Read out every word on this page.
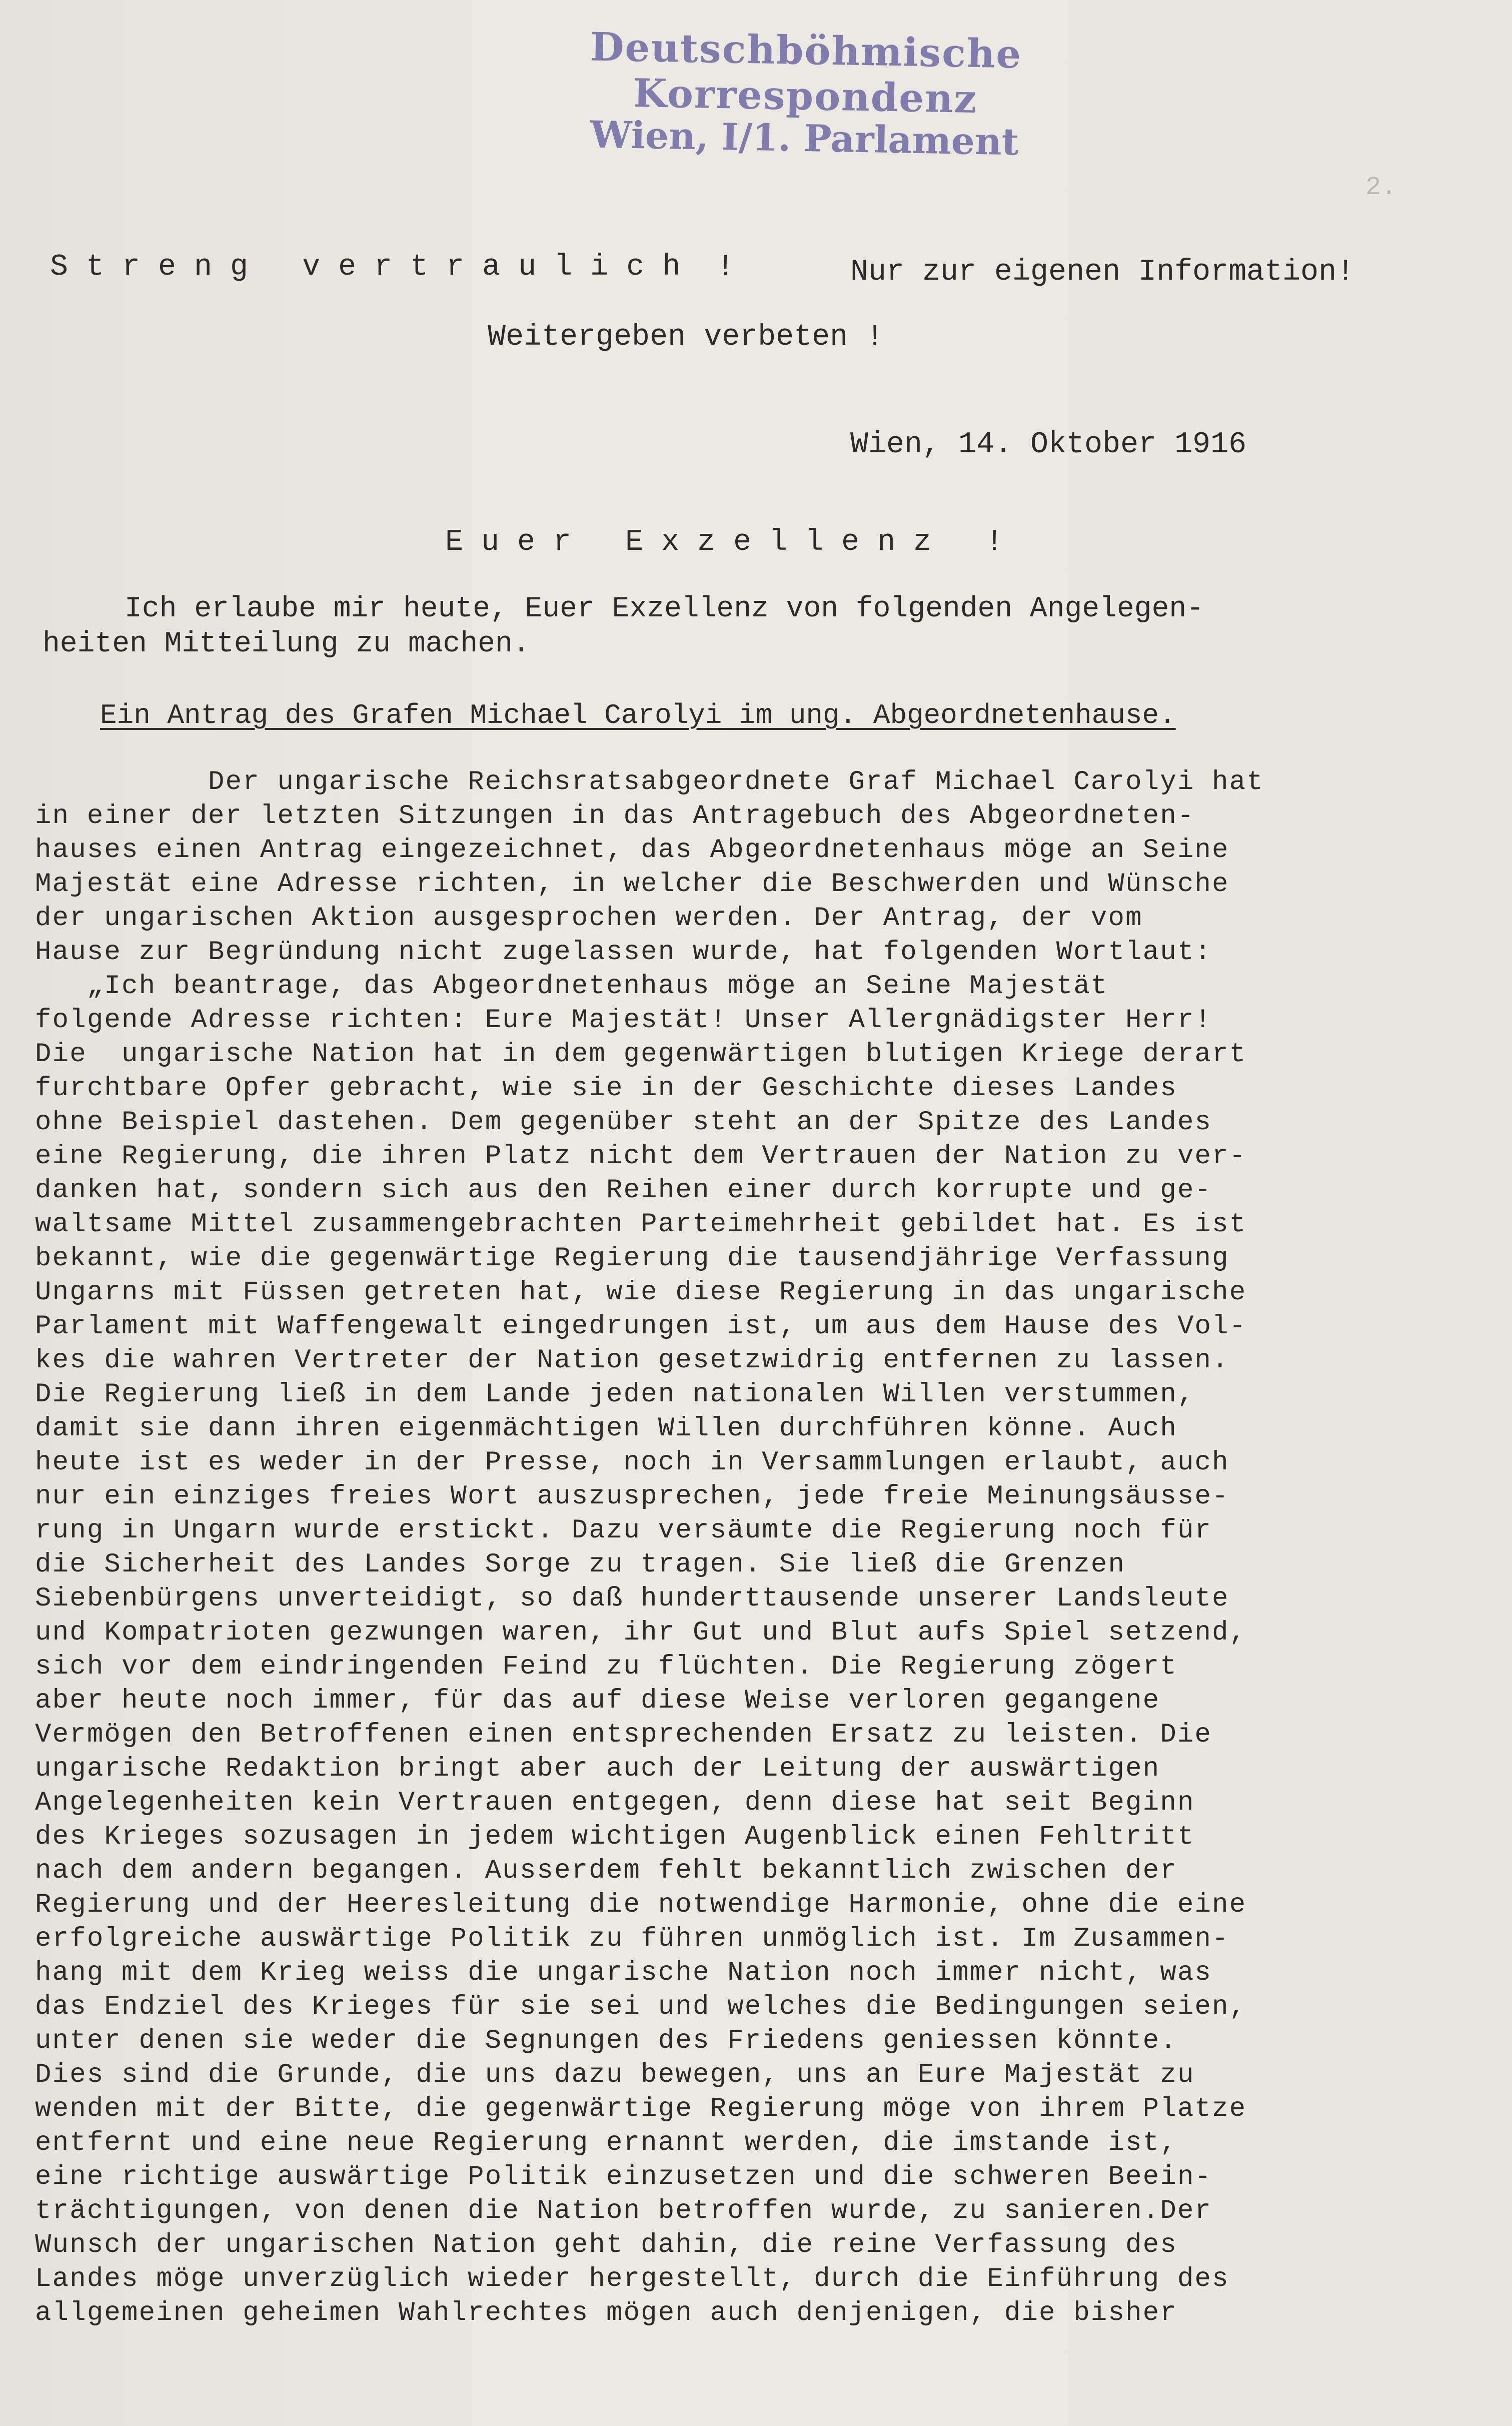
Deutschböhmische Korrespondenz
Wien, I/1. Parlament
2.
S t r e n g   v e r t r a u l i c h  !	Nur zur eigenen Information!
Weitergeben verbeten !
Wien, 14. Oktober 1916
E u e r   E x z e l l e n z   !
Ich erlaube mir heute, Euer Exzellenz von folgenden Angelegen-
heiten Mitteilung zu machen.
Ein Antrag des Grafen Michael Carolyi im ung. Abgeordnetenhause.
Der ungarische Reichsratsabgeordnete Graf Michael Carolyi hat
in einer der letzten Sitzungen in das Antragebuch des Abgeordneten-
hauses einen Antrag eingezeichnet, das Abgeordnetenhaus möge an Seine
Majestät eine Adresse richten, in welcher die Beschwerden und Wünsche
der ungarischen Aktion ausgesprochen werden. Der Antrag, der vom
Hause zur Begründung nicht zugelassen wurde, hat folgenden Wortlaut:
„Ich beantrage, das Abgeordnetenhaus möge an Seine Majestät
folgende Adresse richten: Eure Majestät! Unser Allergnädigster Herr!
Die  ungarische Nation hat in dem gegenwärtigen blutigen Kriege derart
furchtbare Opfer gebracht, wie sie in der Geschichte dieses Landes
ohne Beispiel dastehen. Dem gegenüber steht an der Spitze des Landes
eine Regierung, die ihren Platz nicht dem Vertrauen der Nation zu ver-
danken hat, sondern sich aus den Reihen einer durch korrupte und ge-
waltsame Mittel zusammengebrachten Parteimehrheit gebildet hat. Es ist
bekannt, wie die gegenwärtige Regierung die tausendjährige Verfassung
Ungarns mit Füssen getreten hat, wie diese Regierung in das ungarische
Parlament mit Waffengewalt eingedrungen ist, um aus dem Hause des Vol-
kes die wahren Vertreter der Nation gesetzwidrig entfernen zu lassen.
Die Regierung ließ in dem Lande jeden nationalen Willen verstummen,
damit sie dann ihren eigenmächtigen Willen durchführen könne. Auch
heute ist es weder in der Presse, noch in Versammlungen erlaubt, auch
nur ein einziges freies Wort auszusprechen, jede freie Meinungsäusse-
rung in Ungarn wurde erstickt. Dazu versäumte die Regierung noch für
die Sicherheit des Landes Sorge zu tragen. Sie ließ die Grenzen
Siebenbürgens unverteidigt, so daß hunderttausende unserer Landsleute
und Kompatrioten gezwungen waren, ihr Gut und Blut aufs Spiel setzend,
sich vor dem eindringenden Feind zu flüchten. Die Regierung zögert
aber heute noch immer, für das auf diese Weise verloren gegangene
Vermögen den Betroffenen einen entsprechenden Ersatz zu leisten. Die
ungarische Redaktion bringt aber auch der Leitung der auswärtigen
Angelegenheiten kein Vertrauen entgegen, denn diese hat seit Beginn
des Krieges sozusagen in jedem wichtigen Augenblick einen Fehltritt
nach dem andern begangen. Ausserdem fehlt bekanntlich zwischen der
Regierung und der Heeresleitung die notwendige Harmonie, ohne die eine
erfolgreiche auswärtige Politik zu führen unmöglich ist. Im Zusammen-
hang mit dem Krieg weiss die ungarische Nation noch immer nicht, was
das Endziel des Krieges für sie sei und welches die Bedingungen seien,
unter denen sie weder die Segnungen des Friedens geniessen könnte.
Dies sind die Grunde, die uns dazu bewegen, uns an Eure Majestät zu
wenden mit der Bitte, die gegenwärtige Regierung möge von ihrem Platze
entfernt und eine neue Regierung ernannt werden, die imstande ist,
eine richtige auswärtige Politik einzusetzen und die schweren Beein-
trächtigungen, von denen die Nation betroffen wurde, zu sanieren.Der
Wunsch der ungarischen Nation geht dahin, die reine Verfassung des
Landes möge unverzüglich wieder hergestellt, durch die Einführung des
allgemeinen geheimen Wahlrechtes mögen auch denjenigen, die bisher
